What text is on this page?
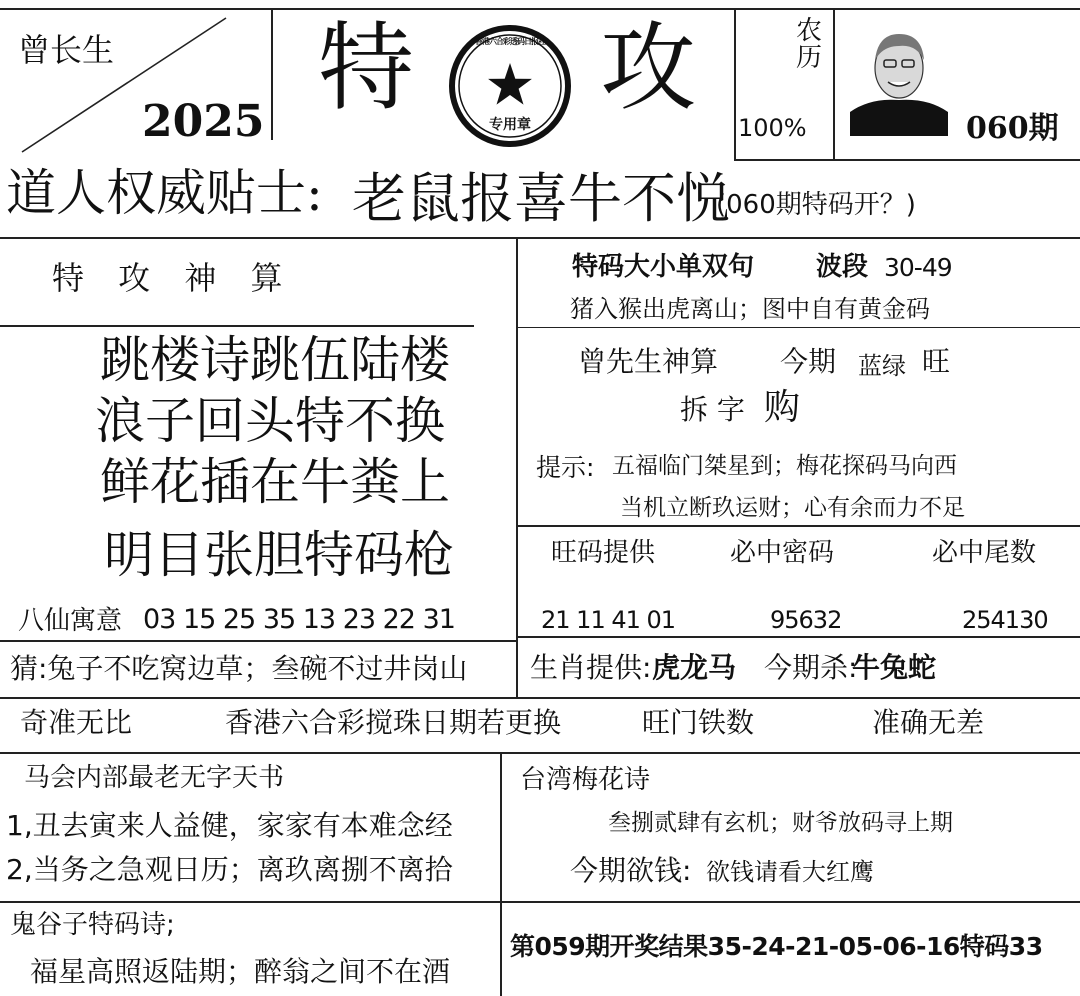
曾长生
2025 特 攻
香港六合彩透码日报社
专用章
农历
100%	060期
道人权威贴士: 老鼠报喜牛不悦
(060期特码开？)
特 攻 神 算
跳楼诗跳伍陆楼
浪子回头特不换
鲜花插在牛粪上
明目张胆特码枪
八仙寓意 03 15 25 35 13 23 22 31
猜:兔子不吃窝边草；叁碗不过井岗山
特码大小单双句 波段 30-49
猪入猴出虎离山；图中自有黄金码
曾先生神算 今期 蓝绿 旺
拆 字 购
提示: 五福临门桀星到；梅花探码马向西
当机立断玖运财；心有余而力不足
旺码提供	必中密码	必中尾数
21 11 41 01	95632	254130
生肖提供: 虎龙马 今期杀:
牛兔蛇
奇准无比	香港六合彩搅珠日期若更换	旺门铁数	准确无差
马会内部最老无字天书
1,丑去寅来人益健，家家有本难念经
2,当务之急观日历；离玖离捌不离拾
鬼谷子特码诗;
福星高照返陆期；醉翁之间不在酒
台湾梅花诗
叁捌贰肆有玄机；财爷放码寻上期
今期欲钱: 欲钱请看大红鹰
第059期开奖结果35-24-21-05-06-16特码33
